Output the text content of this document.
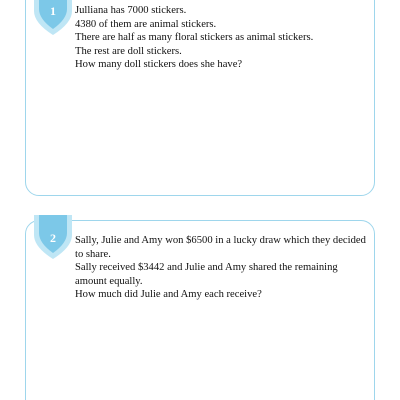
1	Julliana has 7000 stickers.
4380 of them are animal stickers.
There are half as many floral stickers as animal stickers.
The rest are doll stickers.
How many doll stickers does she have?
2	Sally, Julie and Amy won $6500 in a lucky draw which they decided to share.
Sally received $3442 and Julie and Amy shared the remaining amount equally.
How much did Julie and Amy each receive?
